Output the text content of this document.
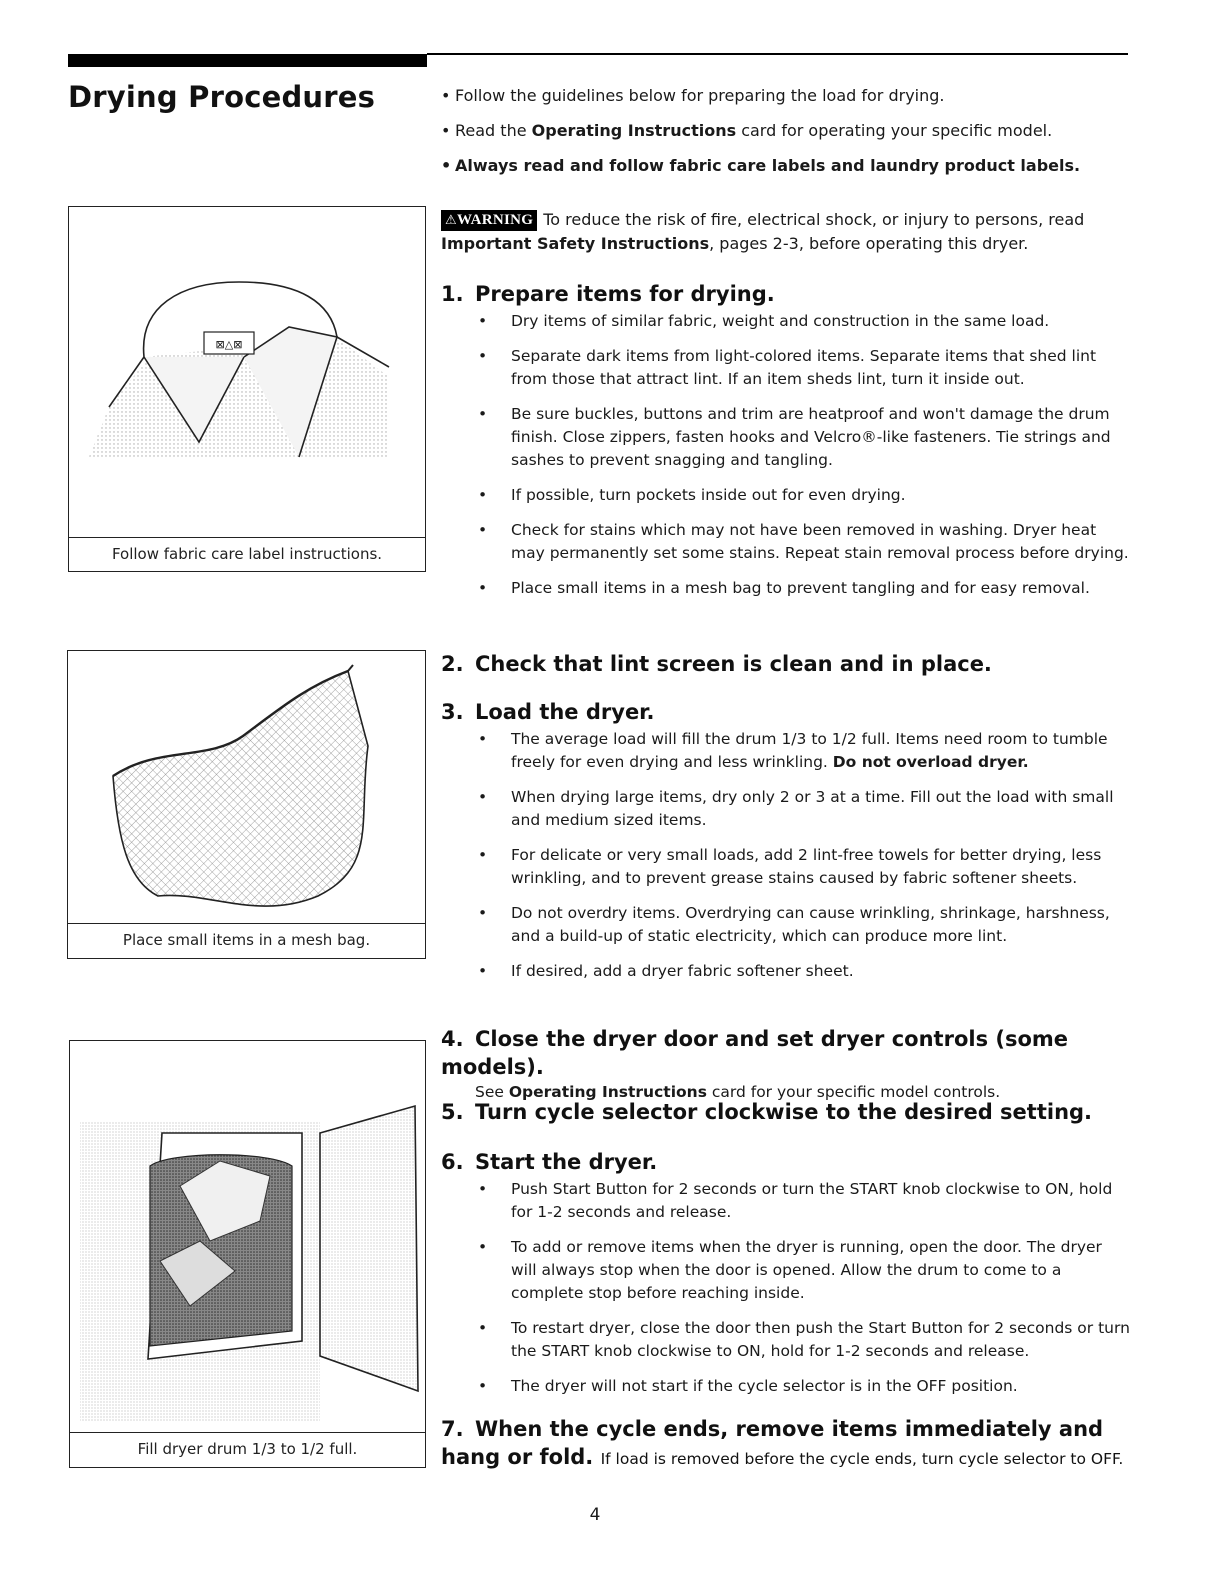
Drying Procedures
⊠△⊠
Follow fabric care label instructions.
Place small items in a mesh bag.
Fill dryer drum 1/3 to 1/2 full.

• Follow the guidelines below for preparing the load for drying.

• Read the Operating Instructions card for operating your specific model.

• Always read and follow fabric care labels and laundry product labels.

⚠WARNING To reduce the risk of fire, electrical shock, or injury to persons, read Important Safety Instructions, pages 2-3, before operating this dryer.
1. Prepare items for drying.
• Dry items of similar fabric, weight and construction in the same load.
• Separate dark items from light-colored items. Separate items that shed lint from those that attract lint. If an item sheds lint, turn it inside out.
• Be sure buckles, buttons and trim are heatproof and won't damage the drum finish. Close zippers, fasten hooks and Velcro®-like fasteners. Tie strings and sashes to prevent snagging and tangling.
• If possible, turn pockets inside out for even drying.
• Check for stains which may not have been removed in washing. Dryer heat may permanently set some stains. Repeat stain removal process before drying.
• Place small items in a mesh bag to prevent tangling and for easy removal.
2. Check that lint screen is clean and in place.
3. Load the dryer.
• The average load will fill the drum 1/3 to 1/2 full. Items need room to tumble freely for even drying and less wrinkling. Do not overload dryer.
• When drying large items, dry only 2 or 3 at a time. Fill out the load with small and medium sized items.
• For delicate or very small loads, add 2 lint-free towels for better drying, less wrinkling, and to prevent grease stains caused by fabric softener sheets.
• Do not overdry items. Overdrying can cause wrinkling, shrinkage, harshness, and a build-up of static electricity, which can produce more lint.
• If desired, add a dryer fabric softener sheet.
4. Close the dryer door and set dryer controls (some models).

See Operating Instructions card for your specific model controls.

5. Turn cycle selector clockwise to the desired setting.
6. Start the dryer.
• Push Start Button for 2 seconds or turn the START knob clockwise to ON, hold for 1-2 seconds and release.
• To add or remove items when the dryer is running, open the door. The dryer will always stop when the door is opened. Allow the drum to come to a complete stop before reaching inside.
• To restart dryer, close the door then push the Start Button for 2 seconds or turn the START knob clockwise to ON, hold for 1-2 seconds and release.
• The dryer will not start if the cycle selector is in the OFF position.
7. When the cycle ends, remove items immediately and hang or fold. If load is removed before the cycle ends, turn cycle selector to OFF.
4
